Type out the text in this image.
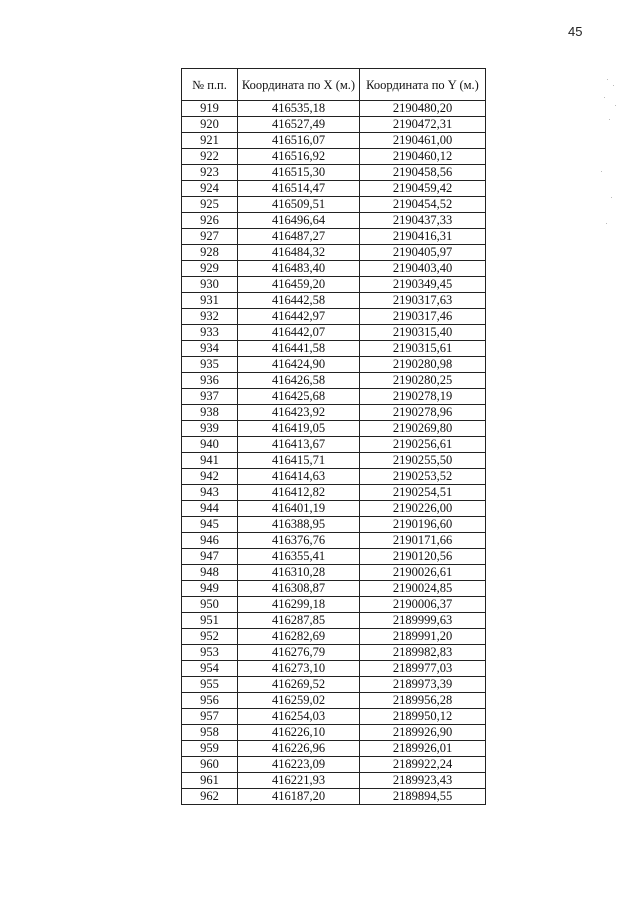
45
№ п.п.	Координата по X (м.)	Координата по Y (м.)
919	416535,18	2190480,20
920	416527,49	2190472,31
921	416516,07	2190461,00
922	416516,92	2190460,12
923	416515,30	2190458,56
924	416514,47	2190459,42
925	416509,51	2190454,52
926	416496,64	2190437,33
927	416487,27	2190416,31
928	416484,32	2190405,97
929	416483,40	2190403,40
930	416459,20	2190349,45
931	416442,58	2190317,63
932	416442,97	2190317,46
933	416442,07	2190315,40
934	416441,58	2190315,61
935	416424,90	2190280,98
936	416426,58	2190280,25
937	416425,68	2190278,19
938	416423,92	2190278,96
939	416419,05	2190269,80
940	416413,67	2190256,61
941	416415,71	2190255,50
942	416414,63	2190253,52
943	416412,82	2190254,51
944	416401,19	2190226,00
945	416388,95	2190196,60
946	416376,76	2190171,66
947	416355,41	2190120,56
948	416310,28	2190026,61
949	416308,87	2190024,85
950	416299,18	2190006,37
951	416287,85	2189999,63
952	416282,69	2189991,20
953	416276,79	2189982,83
954	416273,10	2189977,03
955	416269,52	2189973,39
956	416259,02	2189956,28
957	416254,03	2189950,12
958	416226,10	2189926,90
959	416226,96	2189926,01
960	416223,09	2189922,24
961	416221,93	2189923,43
962	416187,20	2189894,55
